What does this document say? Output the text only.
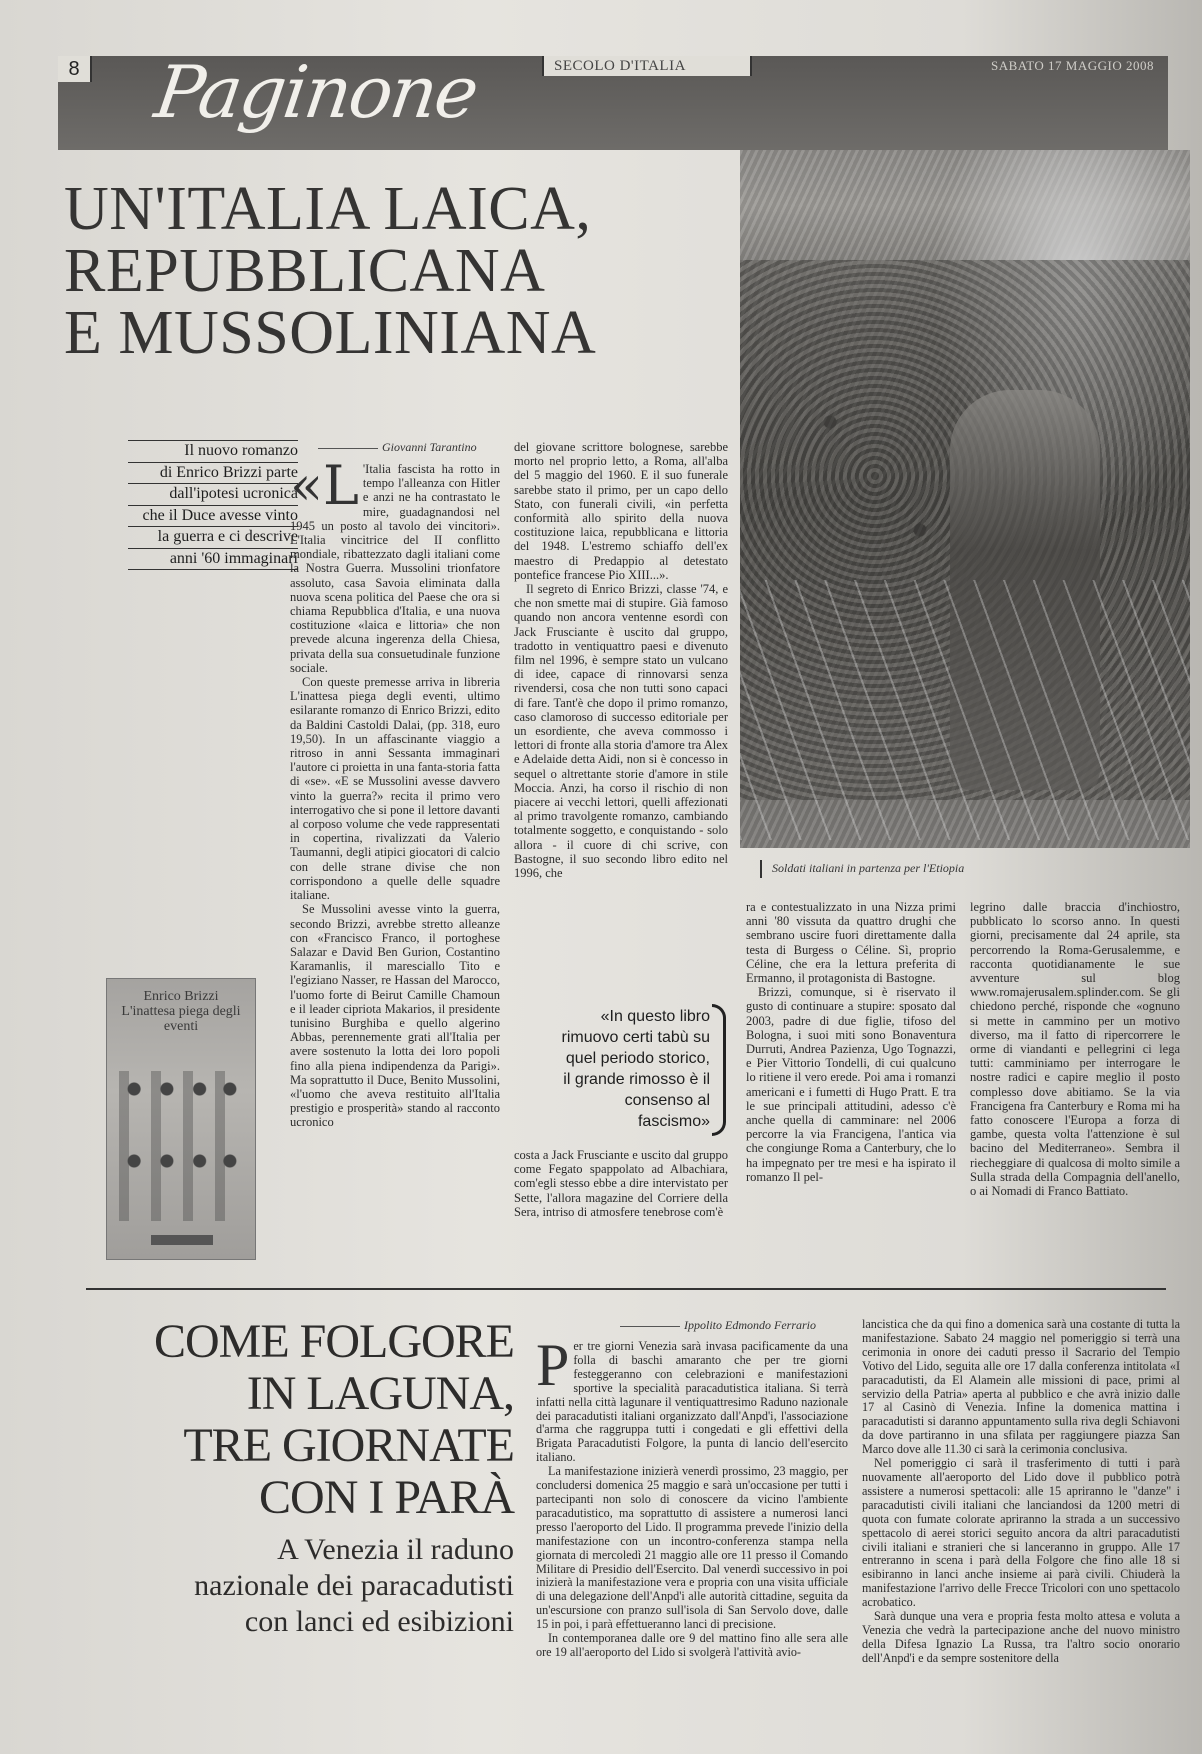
8 Paginone	SECOLO D'ITALIA	SABATO 17 MAGGIO 2008
UN'ITALIA LAICA,
REPUBBLICANA
E MUSSOLINIANA
Il nuovo romanzo
di Enrico Brizzi parte
dall'ipotesi ucronica
che il Duce avesse vinto
la guerra e ci descrive
anni '60 immaginari
Giovanni Tarantino

«L 'Italia fascista ha rotto in tempo l'alleanza con Hitler e anzi ne ha contrastato le mire, guadagnandosi nel 1945 un posto al tavolo dei vincitori». L'Italia vincitrice del II conflitto mondiale, ribattezzato dagli italiani come la Nostra Guerra. Mussolini trionfatore assoluto, casa Savoia eliminata dalla nuova scena politica del Paese che ora si chiama Repubblica d'Italia, e una nuova costituzione «laica e littoria» che non prevede alcuna ingerenza della Chiesa, privata della sua consuetudinale funzione sociale.

Con queste premesse arriva in libreria L'inattesa piega degli eventi, ultimo esilarante romanzo di Enrico Brizzi, edito da Baldini Castoldi Dalai, (pp. 318, euro 19,50). In un affascinante viaggio a ritroso in anni Sessanta immaginari l'autore ci proietta in una fanta-storia fatta di «se». «E se Mussolini avesse davvero vinto la guerra?» recita il primo vero interrogativo che si pone il lettore davanti al corposo volume che vede rappresentati in copertina, rivalizzati da Valerio Taumanni, degli atipici giocatori di calcio con delle strane divise che non corrispondono a quelle delle squadre italiane.

Se Mussolini avesse vinto la guerra, secondo Brizzi, avrebbe stretto alleanze con «Francisco Franco, il portoghese Salazar e David Ben Gurion, Costantino Karamanlis, il maresciallo Tito e l'egiziano Nasser, re Hassan del Marocco, l'uomo forte di Beirut Camille Chamoun e il leader cipriota Makarios, il presidente tunisino Burghiba e quello algerino Abbas, perennemente grati all'Italia per avere sostenuto la lotta dei loro popoli fino alla piena indipendenza da Parigi». Ma soprattutto il Duce, Benito Mussolini, «l'uomo che aveva restituito all'Italia prestigio e prosperità» stando al racconto ucronico

del giovane scrittore bolognese, sarebbe morto nel proprio letto, a Roma, all'alba del 5 maggio del 1960. E il suo funerale sarebbe stato il primo, per un capo dello Stato, con funerali civili, «in perfetta conformità allo spirito della nuova costituzione laica, repubblicana e littoria del 1948. L'estremo schiaffo dell'ex maestro di Predappio al detestato pontefice francese Pio XIII...».

Il segreto di Enrico Brizzi, classe '74, e che non smette mai di stupire. Già famoso quando non ancora ventenne esordì con Jack Frusciante è uscito dal gruppo, tradotto in ventiquattro paesi e divenuto film nel 1996, è sempre stato un vulcano di idee, capace di rinnovarsi senza rivendersi, cosa che non tutti sono capaci di fare. Tant'è che dopo il primo romanzo, caso clamoroso di successo editoriale per un esordiente, che aveva commosso i lettori di fronte alla storia d'amore tra Alex e Adelaide detta Aidi, non si è concesso in sequel o altrettante storie d'amore in stile Moccia. Anzi, ha corso il rischio di non piacere ai vecchi lettori, quelli affezionati al primo travolgente romanzo, cambiando totalmente soggetto, e conquistando - solo allora - il cuore di chi scrive, con Bastogne, il suo secondo libro edito nel 1996, che

«In questo libro rimuovo certi tabù su quel periodo storico, il grande rimosso è il consenso al fascismo»
costa a Jack Frusciante e uscito dal gruppo come Fegato spappolato ad Albachiara, com'egli stesso ebbe a dire intervistato per Sette, l'allora magazine del Corriere della Sera, intriso di atmosfere tenebrose com'è
Soldati italiani in partenza per l'Etiopia

ra e contestualizzato in una Nizza primi anni '80 vissuta da quattro drughi che sembrano uscire fuori direttamente dalla testa di Burgess o Céline. Sì, proprio Céline, che era la lettura preferita di Ermanno, il protagonista di Bastogne.

Brizzi, comunque, si è riservato il gusto di continuare a stupire: sposato dal 2003, padre di due figlie, tifoso del Bologna, i suoi miti sono Bonaventura Durruti, Andrea Pazienza, Ugo Tognazzi, e Pier Vittorio Tondelli, di cui qualcuno lo ritiene il vero erede. Poi ama i romanzi americani e i fumetti di Hugo Pratt. E tra le sue principali attitudini, adesso c'è anche quella di camminare: nel 2006 percorre la via Francigena, l'antica via che congiunge Roma a Canterbury, che lo ha impegnato per tre mesi e ha ispirato il romanzo Il pel-

legrino dalle braccia d'inchiostro, pubblicato lo scorso anno. In questi giorni, precisamente dal 24 aprile, sta percorrendo la Roma-Gerusalemme, e racconta quotidianamente le sue avventure sul blog www.romajerusalem.splinder.com. Se gli chiedono perché, risponde che «ognuno si mette in cammino per un motivo diverso, ma il fatto di ripercorrere le orme di viandanti e pellegrini ci lega tutti: camminiamo per interrogare le nostre radici e capire meglio il posto complesso dove abitiamo. Se la via Francigena fra Canterbury e Roma mi ha fatto conoscere l'Europa a forza di gambe, questa volta l'attenzione è sul bacino del Mediterraneo». Sembra il riecheggiare di qualcosa di molto simile a Sulla strada della Compagnia dell'anello, o ai Nomadi di Franco Battiato.

Enrico Brizzi
L'inattesa piega degli eventi
Ippolito Edmondo Ferrario
COME FOLGORE
IN LAGUNA,
TRE GIORNATE
CON I PARÀ
A Venezia il raduno
nazionale dei paracadutisti
con lanci ed esibizioni

Per tre giorni Venezia sarà invasa pacificamente da una folla di baschi amaranto che per tre giorni festeggeranno con celebrazioni e manifestazioni sportive la specialità paracadutistica italiana. Si terrà infatti nella città lagunare il ventiquattresimo Raduno nazionale dei paracadutisti italiani organizzato dall'Anpd'i, l'associazione d'arma che raggruppa tutti i congedati e gli effettivi della Brigata Paracadutisti Folgore, la punta di lancio dell'esercito italiano.

La manifestazione inizierà venerdì prossimo, 23 maggio, per concludersi domenica 25 maggio e sarà un'occasione per tutti i partecipanti non solo di conoscere da vicino l'ambiente paracadutistico, ma soprattutto di assistere a numerosi lanci presso l'aeroporto del Lido. Il programma prevede l'inizio della manifestazione con un incontro-conferenza stampa nella giornata di mercoledì 21 maggio alle ore 11 presso il Comando Militare di Presidio dell'Esercito. Dal venerdì successivo in poi inizierà la manifestazione vera e propria con una visita ufficiale di una delegazione dell'Anpd'i alle autorità cittadine, seguita da un'escursione con pranzo sull'isola di San Servolo dove, dalle 15 in poi, i parà effettueranno lanci di precisione.

In contemporanea dalle ore 9 del mattino fino alle sera alle ore 19 all'aeroporto del Lido si svolgerà l'attività avio-

lancistica che da qui fino a domenica sarà una costante di tutta la manifestazione. Sabato 24 maggio nel pomeriggio si terrà una cerimonia in onore dei caduti presso il Sacrario del Tempio Votivo del Lido, seguita alle ore 17 dalla conferenza intitolata «I paracadutisti, da El Alamein alle missioni di pace, primi al servizio della Patria» aperta al pubblico e che avrà inizio dalle 17 al Casinò di Venezia. Infine la domenica mattina i paracadutisti si daranno appuntamento sulla riva degli Schiavoni da dove partiranno in una sfilata per raggiungere piazza San Marco dove alle 11.30 ci sarà la cerimonia conclusiva.

Nel pomeriggio ci sarà il trasferimento di tutti i parà nuovamente all'aeroporto del Lido dove il pubblico potrà assistere a numerosi spettacoli: alle 15 apriranno le "danze" i paracadutisti civili italiani che lanciandosi da 1200 metri di quota con fumate colorate apriranno la strada a un successivo spettacolo di aerei storici seguito ancora da altri paracadutisti civili italiani e stranieri che si lanceranno in gruppo. Alle 17 entreranno in scena i parà della Folgore che fino alle 18 si esibiranno in lanci anche insieme ai parà civili. Chiuderà la manifestazione l'arrivo delle Frecce Tricolori con uno spettacolo acrobatico.

Sarà dunque una vera e propria festa molto attesa e voluta a Venezia che vedrà la partecipazione anche del nuovo ministro della Difesa Ignazio La Russa, tra l'altro socio onorario dell'Anpd'i e da sempre sostenitore della
